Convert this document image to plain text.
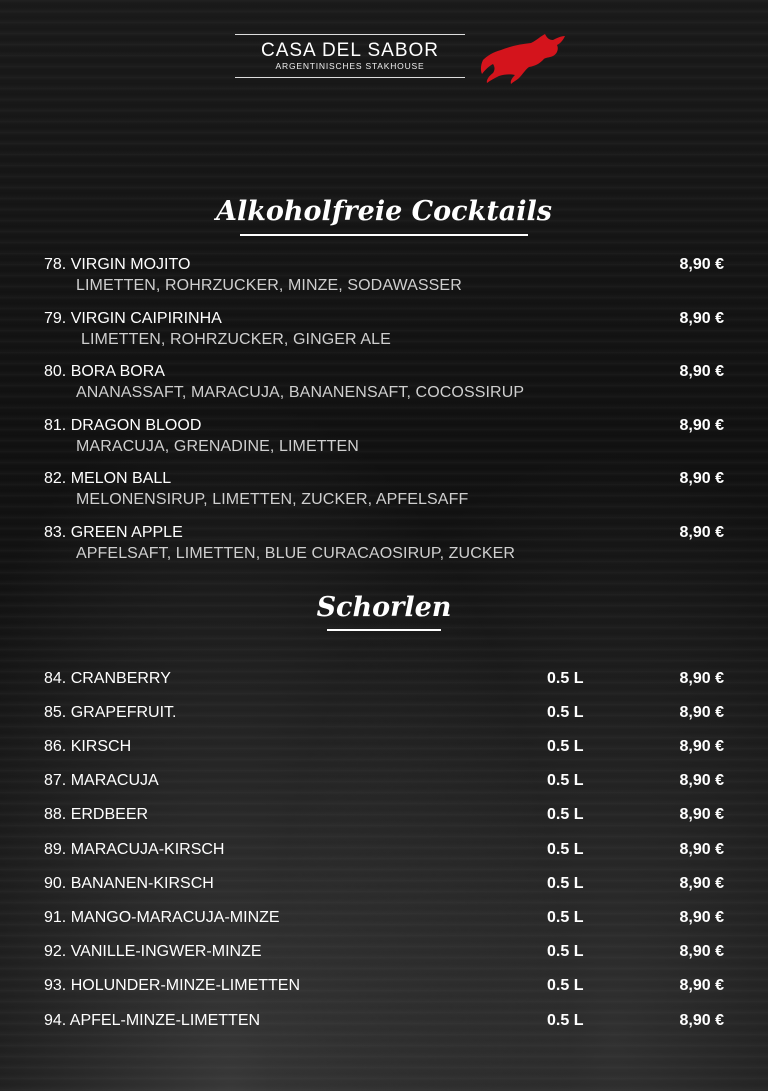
CASA DEL SABOR
ARGENTINISCHES STAKHOUSE
Alkoholfreie Cocktails
78. VIRGIN MOJITO
LIMETTEN, ROHRZUCKER, MINZE, SODAWASSER
8,90 €
79. VIRGIN CAIPIRINHA
LIMETTEN, ROHRZUCKER, GINGER ALE
8,90 €
80. BORA BORA
ANANASSAFT, MARACUJA, BANANENSAFT, COCOSSIRUP
8,90 €
81. DRAGON BLOOD
MARACUJA, GRENADINE, LIMETTEN
8,90 €
82. MELON BALL
MELONENSIRUP, LIMETTEN, ZUCKER, APFELSAFF
8,90 €
83. GREEN APPLE
APFELSAFT, LIMETTEN, BLUE CURACAOSIRUP, ZUCKER
8,90 €
Schorlen
84. CRANBERRY	0.5 L	8,90 €
85. GRAPEFRUIT.	0.5 L	8,90 €
86. KIRSCH	0.5 L	8,90 €
87. MARACUJA	0.5 L	8,90 €
88. ERDBEER	0.5 L	8,90 €
89. MARACUJA-KIRSCH	0.5 L	8,90 €
90. BANANEN-KIRSCH	0.5 L	8,90 €
91. MANGO-MARACUJA-MINZE	0.5 L	8,90 €
92. VANILLE-INGWER-MINZE	0.5 L	8,90 €
93. HOLUNDER-MINZE-LIMETTEN	0.5 L	8,90 €
94. APFEL-MINZE-LIMETTEN	0.5 L	8,90 €
